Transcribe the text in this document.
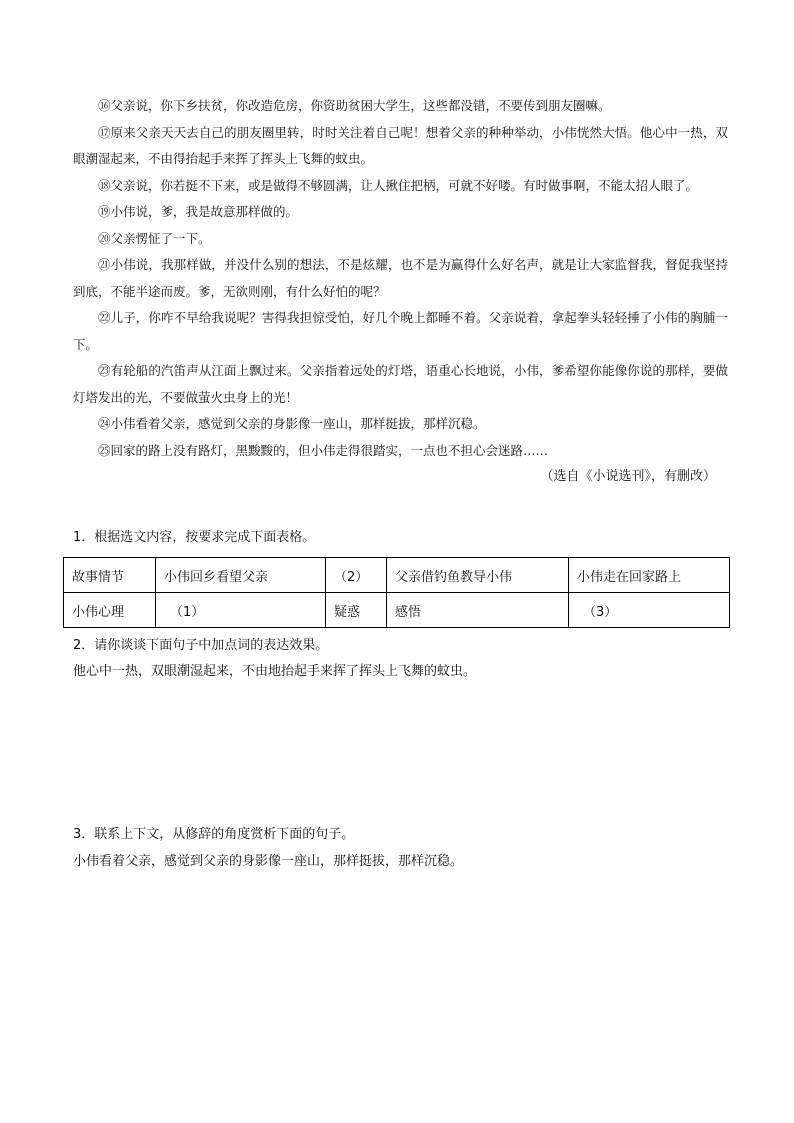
⑯父亲说，你下乡扶贫，你改造危房，你资助贫困大学生，这些都没错，不要传到朋友圈嘛。

⑰原来父亲天天去自己的朋友圈里转，时时关注着自己呢！想着父亲的种种举动，小伟恍然大悟。他心中一热，双眼潮湿起来，不由得抬起手来挥了挥头上飞舞的蚊虫。

⑱父亲说，你若挺不下来，或是做得不够圆满，让人揪住把柄，可就不好喽。有时做事啊，不能太招人眼了。

⑲小伟说，爹，我是故意那样做的。

⑳父亲愣怔了一下。

㉑小伟说，我那样做，并没什么别的想法，不是炫耀，也不是为赢得什么好名声，就是让大家监督我，督促我坚持到底，不能半途而废。爹，无欲则刚，有什么好怕的呢？

㉒儿子，你咋不早给我说呢？害得我担惊受怕，好几个晚上都睡不着。父亲说着，拿起拳头轻轻捶了小伟的胸脯一下。

㉓有轮船的汽笛声从江面上飘过来。父亲指着远处的灯塔，语重心长地说，小伟，爹希望你能像你说的那样，要做灯塔发出的光，不要做萤火虫身上的光！

㉔小伟看着父亲，感觉到父亲的身影像一座山，那样挺拔，那样沉稳。

㉕回家的路上没有路灯，黑黢黢的，但小伟走得很踏实，一点也不担心会迷路……

（选自《小说选刊》，有删改）

1．根据选文内容，按要求完成下面表格。

故事情节	小伟回乡看望父亲	（2）	父亲借钓鱼教导小伟	小伟走在回家路上
小伟心理	（1）	疑惑	感悟	（3）

2．请你谈谈下面句子中加点词的表达效果。

他心中一热，双眼潮湿起来，不由地抬起手来挥了挥头上飞舞的蚊虫。

3．联系上下文，从修辞的角度赏析下面的句子。

小伟看着父亲，感觉到父亲的身影像一座山，那样挺拔，那样沉稳。
